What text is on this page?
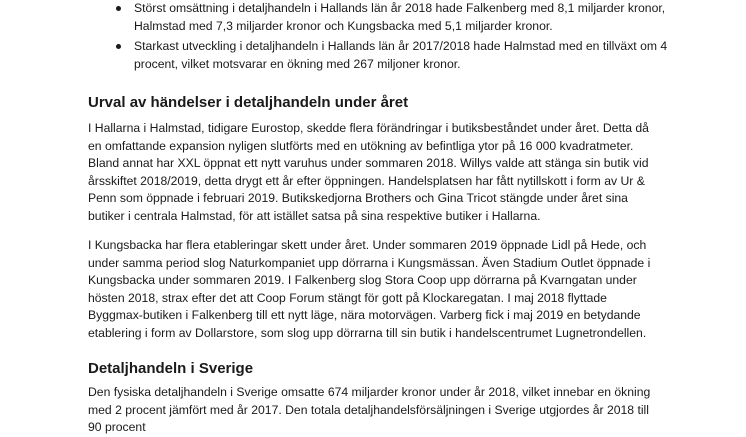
Störst omsättning i detaljhandeln i Hallands län år 2018 hade Falkenberg med 8,1 miljarder kronor, Halmstad med 7,3 miljarder kronor och Kungsbacka med 5,1 miljarder kronor.
Starkast utveckling i detaljhandeln i Hallands län år 2017/2018 hade Halmstad med en tillväxt om 4 procent, vilket motsvarar en ökning med 267 miljoner kronor.
Urval av händelser i detaljhandeln under året

I Hallarna i Halmstad, tidigare Eurostop, skedde flera förändringar i butiksbeståndet under året. Detta då en omfattande expansion nyligen slutförts med en utökning av befintliga ytor på 16 000 kvadratmeter. Bland annat har XXL öppnat ett nytt varuhus under sommaren 2018. Willys valde att stänga sin butik vid årsskiftet 2018/2019, detta drygt ett år efter öppningen. Handelsplatsen har fått nytillskott i form av Ur & Penn som öppnade i februari 2019. Butikskedjorna Brothers och Gina Tricot stängde under året sina butiker i centrala Halmstad, för att istället satsa på sina respektive butiker i Hallarna.

I Kungsbacka har flera etableringar skett under året. Under sommaren 2019 öppnade Lidl på Hede, och under samma period slog Naturkompaniet upp dörrarna i Kungsmässan. Även Stadium Outlet öppnade i Kungsbacka under sommaren 2019. I Falkenberg slog Stora Coop upp dörrarna på Kvarngatan under hösten 2018, strax efter det att Coop Forum stängt för gott på Klockaregatan. I maj 2018 flyttade Byggmax-butiken i Falkenberg till ett nytt läge, nära motorvägen. Varberg fick i maj 2019 en betydande etablering i form av Dollarstore, som slog upp dörrarna till sin butik i handelscentrumet Lugnetrondellen.

Detaljhandeln i Sverige

Den fysiska detaljhandeln i Sverige omsatte 674 miljarder kronor under år 2018, vilket innebar en ökning med 2 procent jämfört med år 2017. Den totala detaljhandelsförsäljningen i Sverige utgjordes år 2018 till 90 procent
